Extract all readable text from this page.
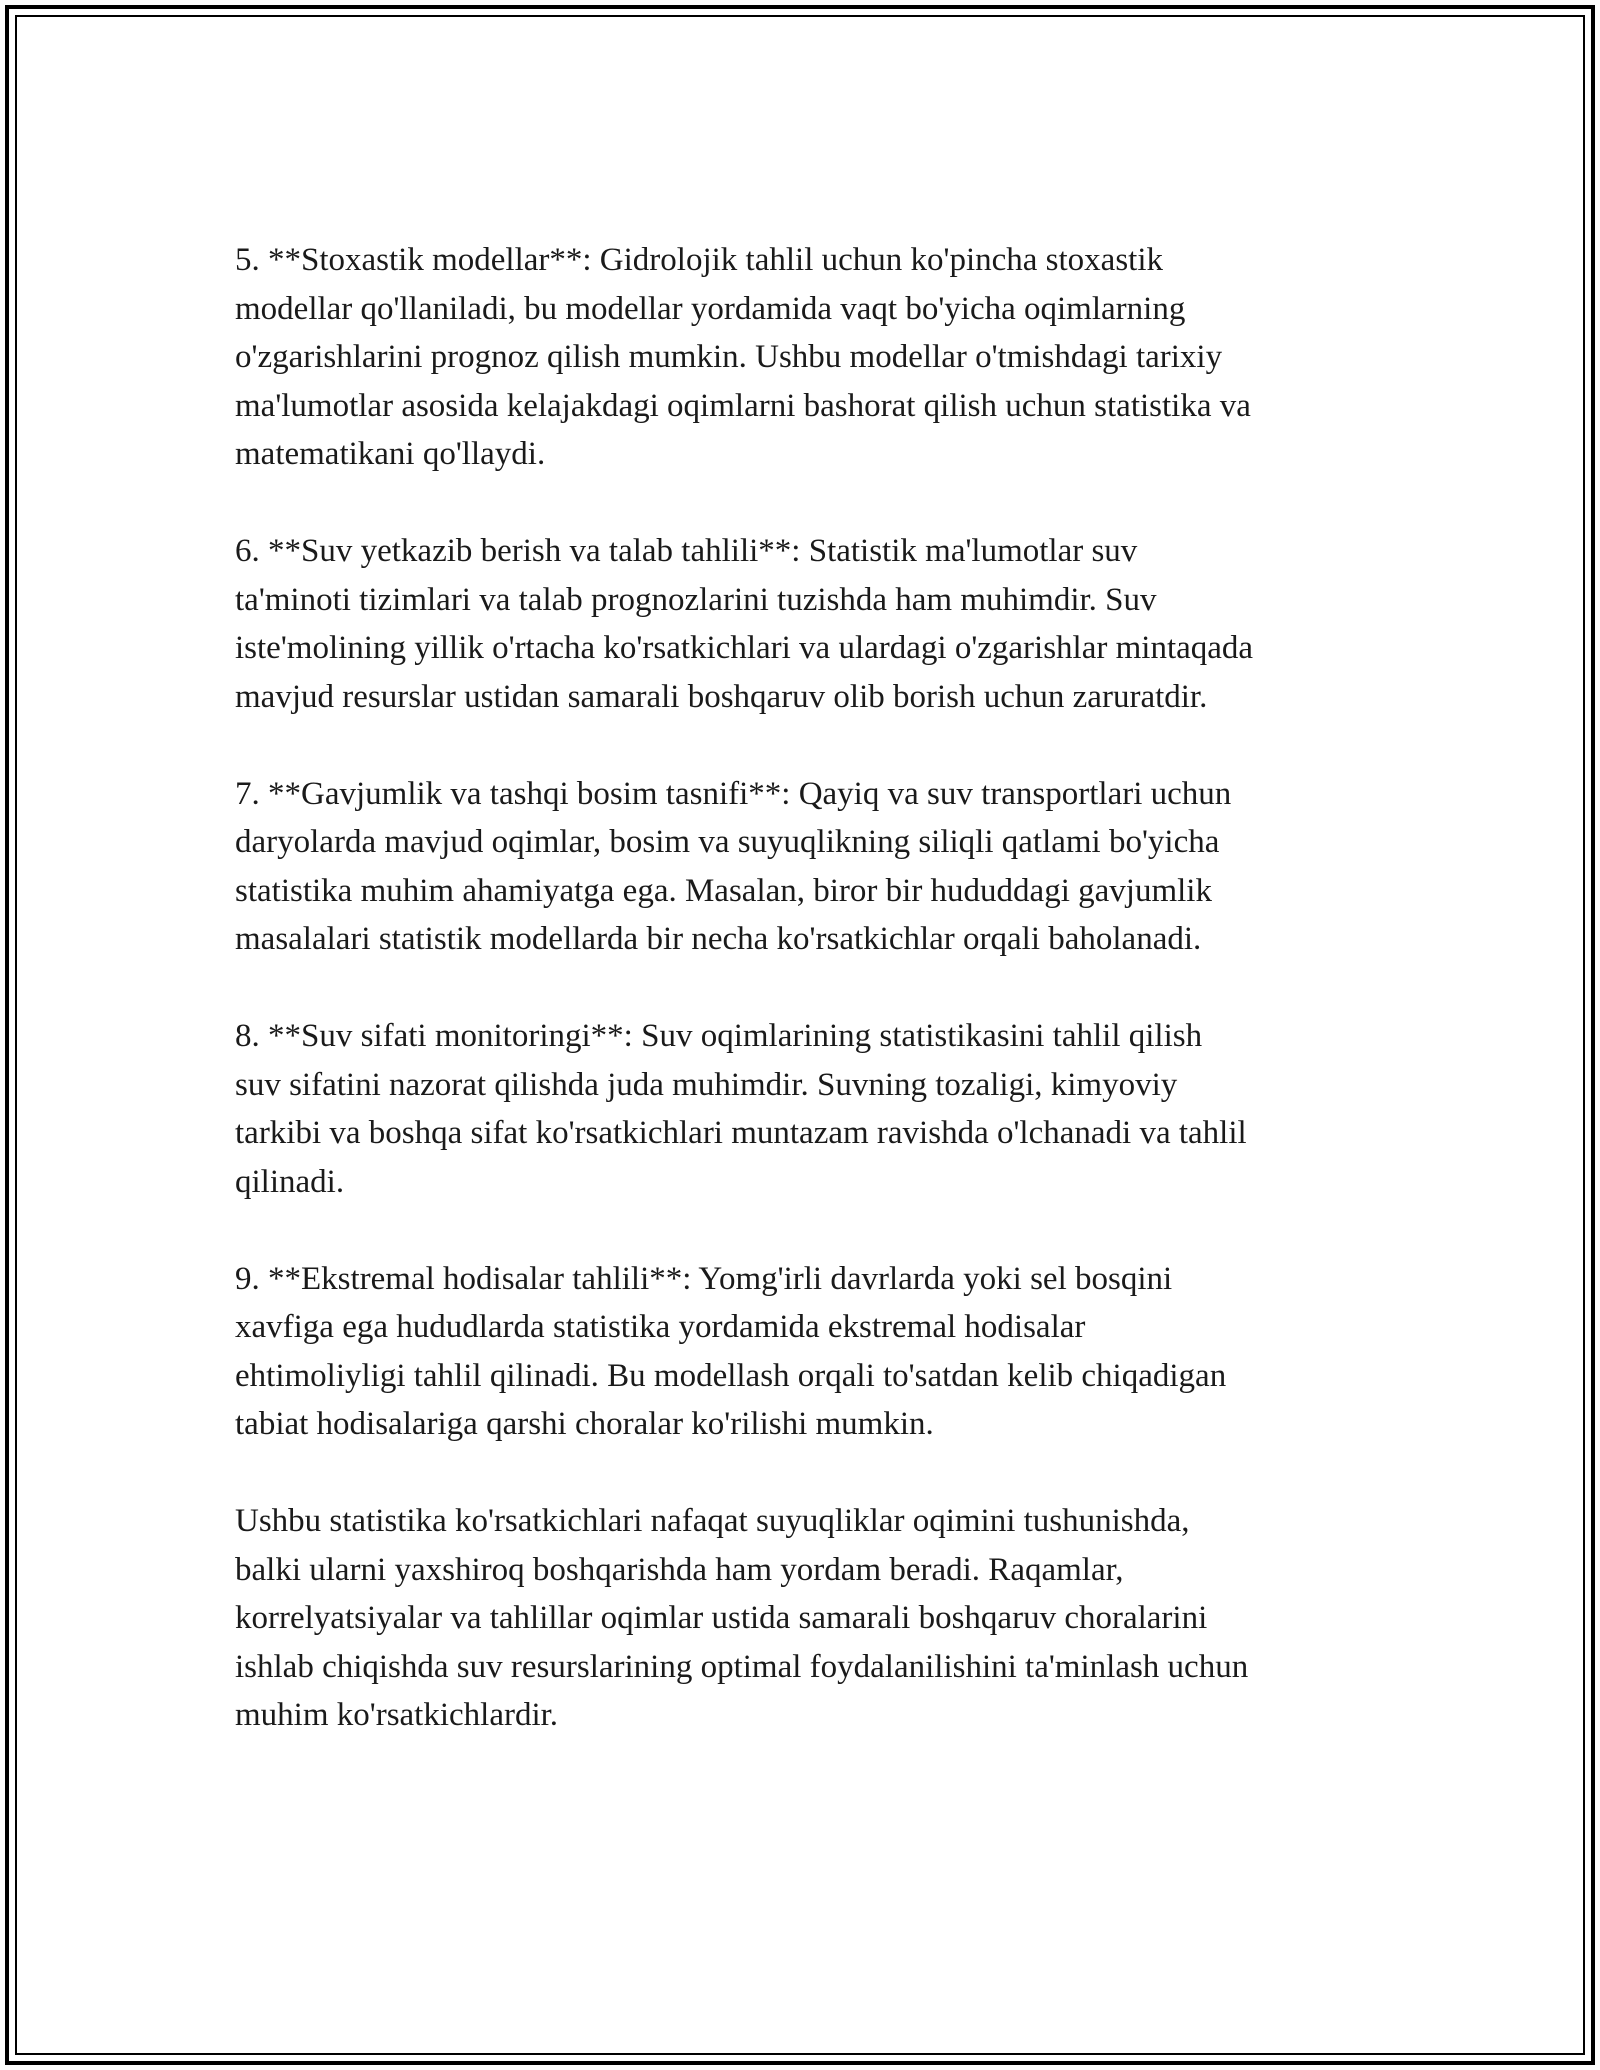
5. **Stoxastik modellar**: Gidrolojik tahlil uchun ko'pincha stoxastik
modellar qo'llaniladi, bu modellar yordamida vaqt bo'yicha oqimlarning
o'zgarishlarini prognoz qilish mumkin. Ushbu modellar o'tmishdagi tarixiy
ma'lumotlar asosida kelajakdagi oqimlarni bashorat qilish uchun statistika va
matematikani qo'llaydi.

6. **Suv yetkazib berish va talab tahlili**: Statistik ma'lumotlar suv
ta'minoti tizimlari va talab prognozlarini tuzishda ham muhimdir. Suv
iste'molining yillik o'rtacha ko'rsatkichlari va ulardagi o'zgarishlar mintaqada
mavjud resurslar ustidan samarali boshqaruv olib borish uchun zaruratdir.

7. **Gavjumlik va tashqi bosim tasnifi**: Qayiq va suv transportlari uchun
daryolarda mavjud oqimlar, bosim va suyuqlikning siliqli qatlami bo'yicha
statistika muhim ahamiyatga ega. Masalan, biror bir hududdagi gavjumlik
masalalari statistik modellarda bir necha ko'rsatkichlar orqali baholanadi.

8. **Suv sifati monitoringi**: Suv oqimlarining statistikasini tahlil qilish
suv sifatini nazorat qilishda juda muhimdir. Suvning tozaligi, kimyoviy
tarkibi va boshqa sifat ko'rsatkichlari muntazam ravishda o'lchanadi va tahlil
qilinadi.

9. **Ekstremal hodisalar tahlili**: Yomg'irli davrlarda yoki sel bosqini
xavfiga ega hududlarda statistika yordamida ekstremal hodisalar
ehtimoliyligi tahlil qilinadi. Bu modellash orqali to'satdan kelib chiqadigan
tabiat hodisalariga qarshi choralar ko'rilishi mumkin.

Ushbu statistika ko'rsatkichlari nafaqat suyuqliklar oqimini tushunishda,
balki ularni yaxshiroq boshqarishda ham yordam beradi. Raqamlar,
korrelyatsiyalar va tahlillar oqimlar ustida samarali boshqaruv choralarini
ishlab chiqishda suv resurslarining optimal foydalanilishini ta'minlash uchun
muhim ko'rsatkichlardir.
